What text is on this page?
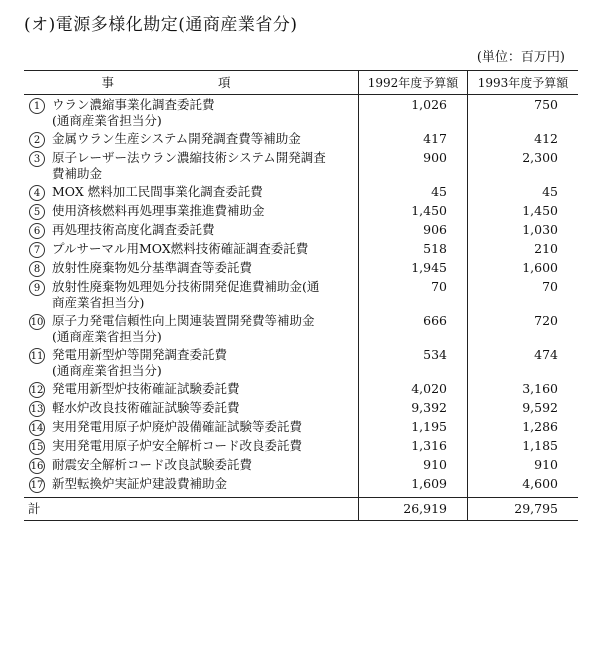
(オ)電源多様化勘定(通商産業省分)
(単位：百万円)
事 項		1992年度予算額	1993年度予算額
1	ウラン濃縮事業化調査委託費
(通商産業省担当分)	1,026	750
2	金属ウラン生産システム開発調査費等補助金	417	412
3	原子レーザー法ウラン濃縮技術システム開発調査
費補助金	900	2,300
4	MOX 燃料加工民間事業化調査委託費	45	45
5	使用済核燃料再処理事業推進費補助金	1,450	1,450
6	再処理技術高度化調査委託費	906	1,030
7	プルサーマル用MOX燃料技術確証調査委託費	518	210
8	放射性廃棄物処分基準調査等委託費	1,945	1,600
9	放射性廃棄物処理処分技術開発促進費補助金(通
商産業省担当分)	70	70
10	原子力発電信頼性向上関連装置開発費等補助金
(通商産業省担当分)	666	720
11	発電用新型炉等開発調査委託費
(通商産業省担当分)	534	474
12	発電用新型炉技術確証試験委託費	4,020	3,160
13	軽水炉改良技術確証試験等委託費	9,392	9,592
14	実用発電用原子炉廃炉設備確証試験等委託費	1,195	1,286
15	実用発電用原子炉安全解析コード改良委託費	1,316	1,185
16	耐震安全解析コード改良試験委託費	910	910
17	新型転換炉実証炉建設費補助金	1,609	4,600
計		26,919	29,795
